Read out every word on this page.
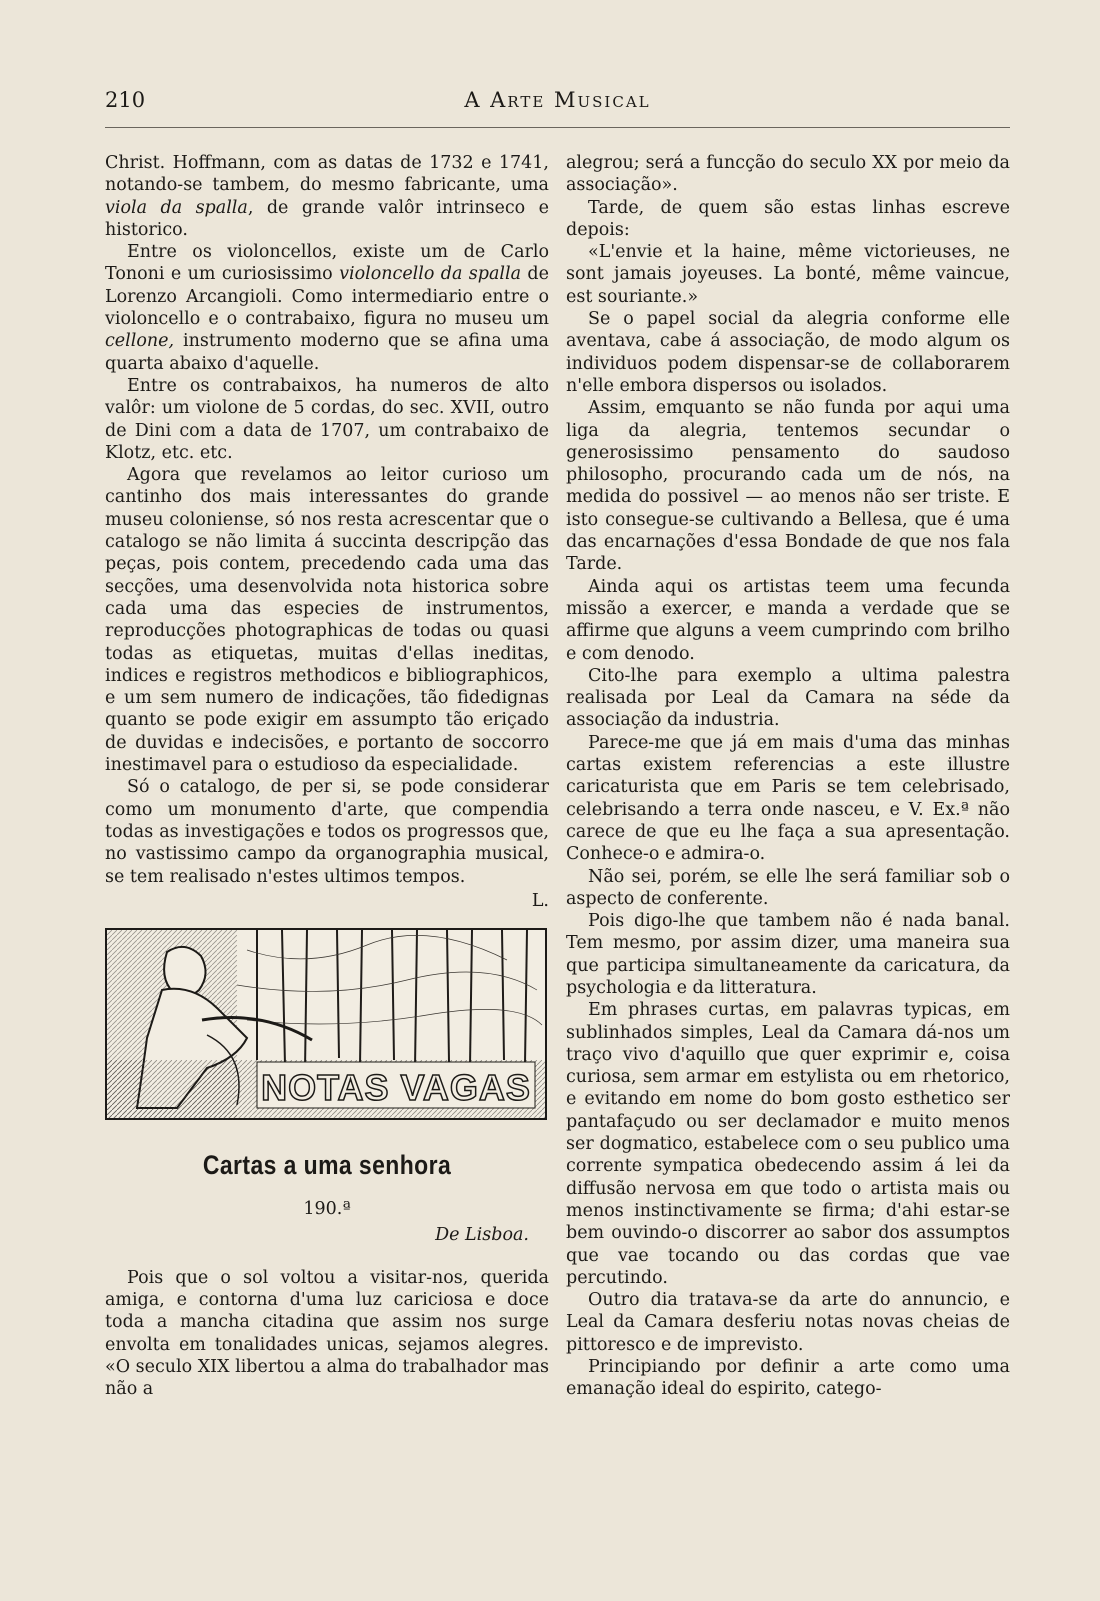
210	A Arte Musical

Christ. Hoffmann, com as datas de 1732 e 1741, notando-se tambem, do mesmo fabricante, uma viola da spalla, de grande valôr intrinseco e historico.

Entre os violoncellos, existe um de Carlo Tononi e um curiosissimo violoncello da spalla de Lorenzo Arcangioli. Como intermediario entre o violoncello e o contrabaixo, figura no museu um cellone, instrumento moderno que se afina uma quarta abaixo d'aquelle.

Entre os contrabaixos, ha numeros de alto valôr: um violone de 5 cordas, do sec. XVII, outro de Dini com a data de 1707, um contrabaixo de Klotz, etc. etc.

Agora que revelamos ao leitor curioso um cantinho dos mais interessantes do grande museu coloniense, só nos resta acrescentar que o catalogo se não limita á succinta descripção das peças, pois contem, precedendo cada uma das secções, uma desenvolvida nota historica sobre cada uma das especies de instrumentos, reproducções photographicas de todas ou quasi todas as etiquetas, muitas d'ellas ineditas, indices e registros methodicos e bibliographicos, e um sem numero de indicações, tão fidedignas quanto se pode exigir em assumpto tão eriçado de duvidas e indecisões, e portanto de soccorro inestimavel para o estudioso da especialidade.

Só o catalogo, de per si, se pode considerar como um monumento d'arte, que compendia todas as investigações e todos os progressos que, no vastissimo campo da organographia musical, se tem realisado n'estes ultimos tempos.

L.
NOTAS VAGAS
Cartas a uma senhora
190.ª
De Lisboa.

Pois que o sol voltou a visitar-nos, querida amiga, e contorna d'uma luz cariciosa e doce toda a mancha citadina que assim nos surge envolta em tonalidades unicas, sejamos alegres. «O seculo XIX libertou a alma do trabalhador mas não a

alegrou; será a funcção do seculo XX por meio da associação».

Tarde, de quem são estas linhas escreve depois:

«L'envie et la haine, même victorieuses, ne sont jamais joyeuses. La bonté, même vaincue, est souriante.»

Se o papel social da alegria conforme elle aventava, cabe á associação, de modo algum os individuos podem dispensar-se de collaborarem n'elle embora dispersos ou isolados.

Assim, emquanto se não funda por aqui uma liga da alegria, tentemos secundar o generosissimo pensamento do saudoso philosopho, procurando cada um de nós, na medida do possivel — ao menos não ser triste. E isto consegue-se cultivando a Bellesa, que é uma das encarnações d'essa Bondade de que nos fala Tarde.

Ainda aqui os artistas teem uma fecunda missão a exercer, e manda a verdade que se affirme que alguns a veem cumprindo com brilho e com denodo.

Cito-lhe para exemplo a ultima palestra realisada por Leal da Camara na séde da associação da industria.

Parece-me que já em mais d'uma das minhas cartas existem referencias a este illustre caricaturista que em Paris se tem celebrisado, celebrisando a terra onde nasceu, e V. Ex.ª não carece de que eu lhe faça a sua apresentação. Conhece-o e admira-o.

Não sei, porém, se elle lhe será familiar sob o aspecto de conferente.

Pois digo-lhe que tambem não é nada banal. Tem mesmo, por assim dizer, uma maneira sua que participa simultaneamente da caricatura, da psychologia e da litteratura.

Em phrases curtas, em palavras typicas, em sublinhados simples, Leal da Camara dá-nos um traço vivo d'aquillo que quer exprimir e, coisa curiosa, sem armar em estylista ou em rhetorico, e evitando em nome do bom gosto esthetico ser pantafaçudo ou ser declamador e muito menos ser dogmatico, estabelece com o seu publico uma corrente sympatica obedecendo assim á lei da diffusão nervosa em que todo o artista mais ou menos instinctivamente se firma; d'ahi estar-se bem ouvindo-o discorrer ao sabor dos assumptos que vae tocando ou das cordas que vae percutindo.

Outro dia tratava-se da arte do annuncio, e Leal da Camara desferiu notas novas cheias de pittoresco e de imprevisto.

Principiando por definir a arte como uma emanação ideal do espirito, catego-
